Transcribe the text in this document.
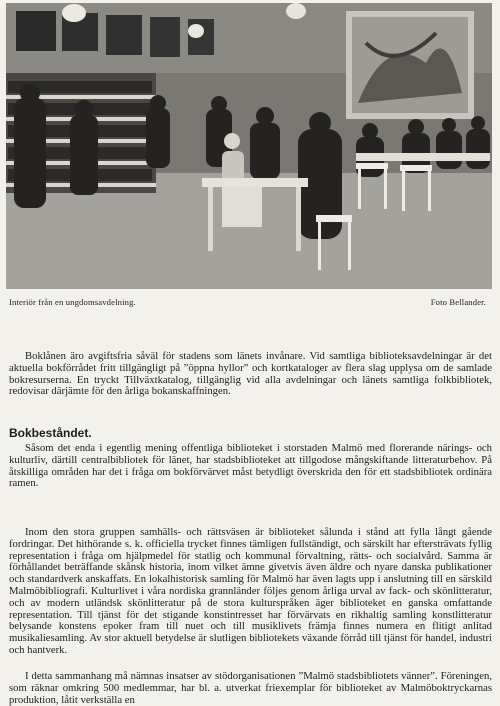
Interiör från en ungdomsavdelning.	Foto Bellander.

Boklånen äro avgiftsfria såväl för stadens som länets invånare. Vid samtliga biblioteksavdelningar är det aktuella bokförrådet fritt tillgängligt på ”öppna hyllor” och kortkataloger av flera slag upplysa om de samlade bokresurserna. En tryckt Tillväxtkatalog, tillgänglig vid alla avdelningar och länets samtliga folkbibliotek, redovisar därjämte för den årliga bokanskaffningen.

Bokbeståndet.

Såsom det enda i egentlig mening offentliga biblioteket i storstaden Malmö med florerande närings- och kulturliv, därtill centralbibliotek för länet, har stadsbiblioteket att tillgodose mångskiftande litteraturbehov. På åtskilliga områden har det i fråga om bokförvärvet måst betydligt överskrida den för ett stadsbibliotek ordinära ramen.

Inom den stora gruppen samhälls- och rättsväsen är biblioteket sålunda i stånd att fylla långt gående fordringar. Det hithörande s. k. officiella trycket finnes tämligen fullständigt, och särskilt har eftersträvats fyllig representation i fråga om hjälpmedel för statlig och kommunal förvaltning, rätts- och socialvård. Samma är förhållandet beträffande skånsk historia, inom vilket ämne givetvis även äldre och nyare danska publikationer och standardverk anskaffats. En lokalhistorisk samling för Malmö har även lagts upp i anslutning till en särskild Malmöbibliografi. Kulturlivet i våra nordiska grannländer följes genom årliga urval av fack- och skönlitteratur, och av modern utländsk skönlitteratur på de stora kulturspråken äger biblioteket en ganska omfattande representation. Till tjänst för det stigande konstintresset har förvärvats en rikhaltig samling konstlitteratur belysande konstens epoker fram till nuet och till musiklivets främja finnes numera en flitigt anlitad musikaliesamling. Av stor aktuell betydelse är slutligen bibliotekets växande förråd till tjänst för handel, industri och hantverk.

I detta sammanhang må nämnas insatser av stödorganisationen ”Malmö stadsbibliotets vänner”. Föreningen, som räknar omkring 500 medlemmar, har bl. a. utverkat friexemplar för biblioteket av Malmöboktryckarnas produktion, låtit verkställa en
